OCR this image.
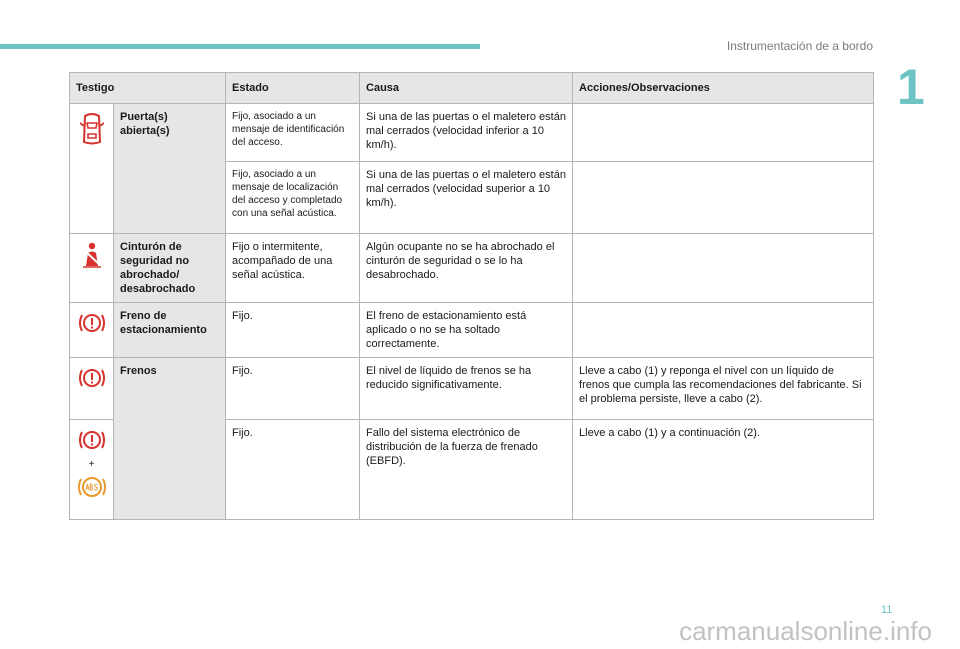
Instrumentación de a bordo
1
Testigo		Estado	Causa	Acciones/Observaciones
	Puerta(s) abierta(s)	Fijo, asociado a un mensaje de identificación del acceso.	Si una de las puertas o el maletero están mal cerrados (velocidad inferior a 10 km/h).	
		Fijo, asociado a un mensaje de localización del acceso y completado con una señal acústica.	Si una de las puertas o el maletero están mal cerrados (velocidad superior a 10 km/h).	
	Cinturón de seguridad no abrochado/ desabrochado	Fijo o intermitente, acompañado de una señal acústica.	Algún ocupante no se ha abrochado el cinturón de seguridad o se lo ha desabrochado.	
	Freno de estacionamiento	Fijo.	El freno de estacionamiento está aplicado o no se ha soltado correctamente.	
	Frenos	Fijo.	El nivel de líquido de frenos se ha reducido significativamente.	Lleve a cabo (1) y reponga el nivel con un líquido de frenos que cumpla las recomendaciones del fabricante. Si el problema persiste, lleve a cabo (2).

+		Fijo.	Fallo del sistema electrónico de distribución de la fuerza de frenado (EBFD).	Lleve a cabo (1) y a continuación (2).
11
carmanualsonline.info
